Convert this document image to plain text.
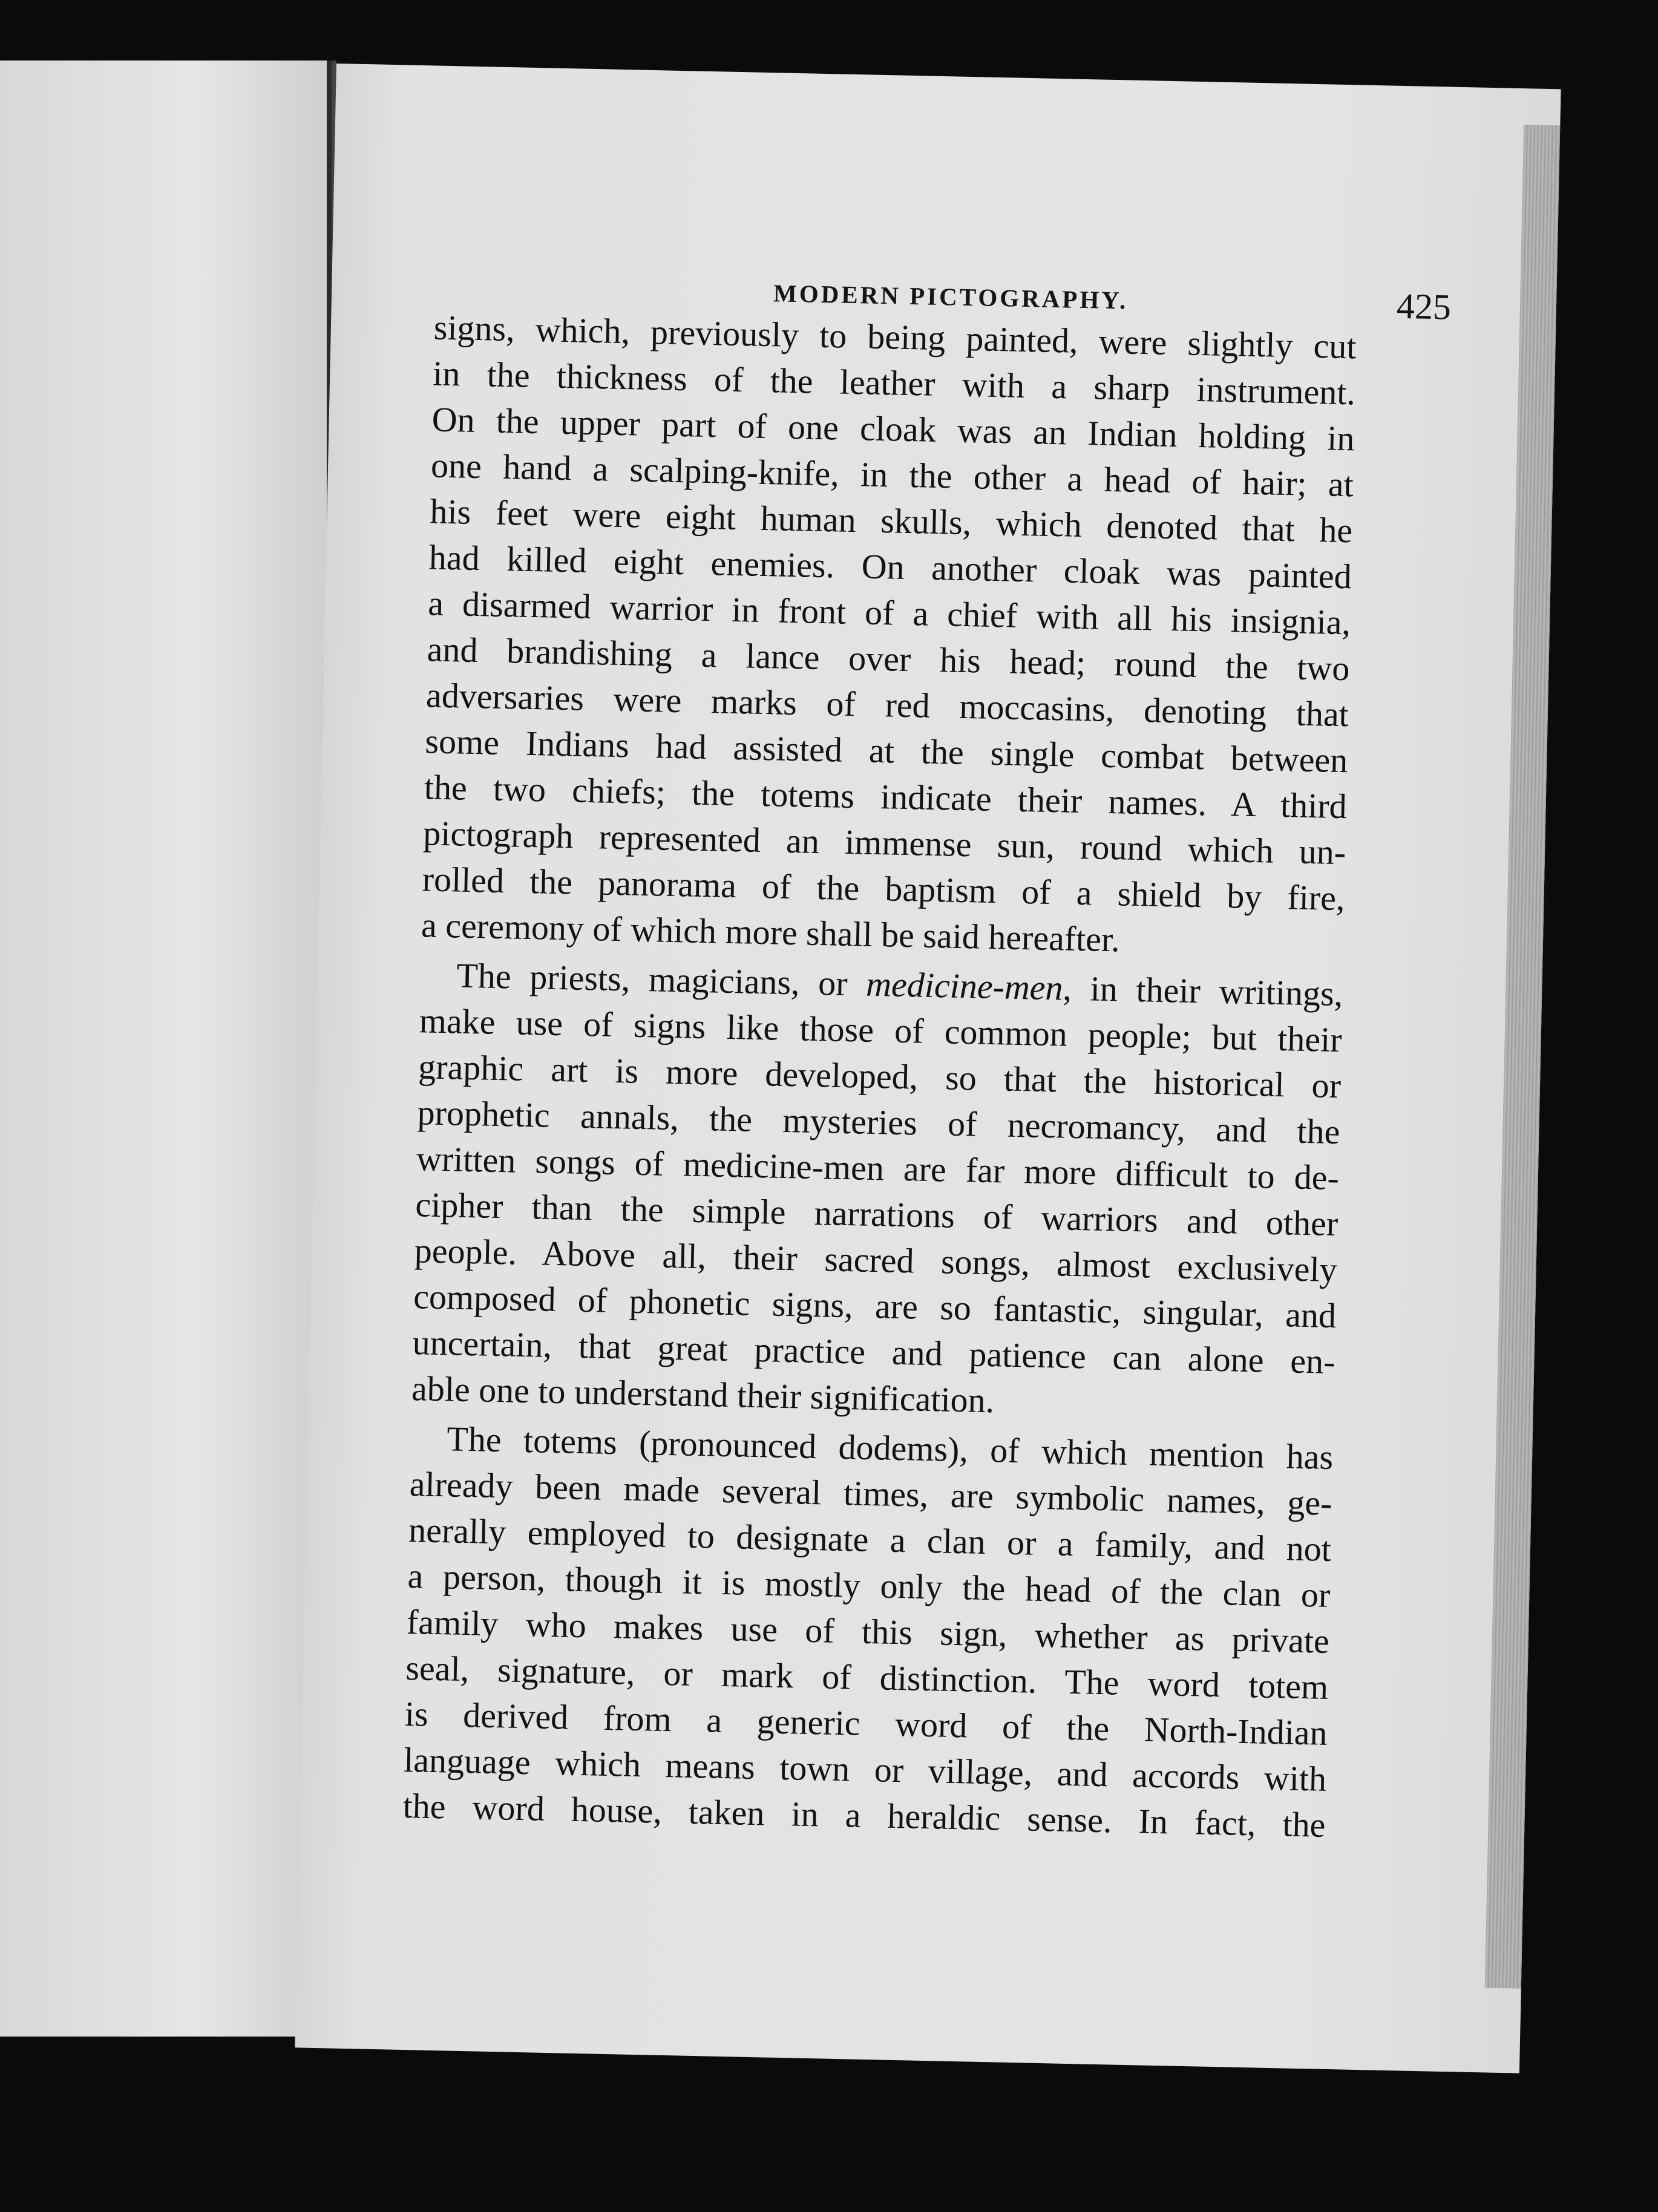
MODERN PICTOGRAPHY.	425
signs, which, previously to being painted, were slightly cut
in the thickness of the leather with a sharp instrument.
On the upper part of one cloak was an Indian holding in
one hand a scalping-knife, in the other a head of hair; at
his feet were eight human skulls, which denoted that he
had killed eight enemies. On another cloak was painted
a disarmed warrior in front of a chief with all his insignia,
and brandishing a lance over his head; round the two
adversaries were marks of red moccasins, denoting that
some Indians had assisted at the single combat between
the two chiefs; the totems indicate their names. A third
pictograph represented an immense sun, round which un-
rolled the panorama of the baptism of a shield by fire,
a ceremony of which more shall be said hereafter.
The priests, magicians, or medicine-men, in their writings,
make use of signs like those of common people; but their
graphic art is more developed, so that the historical or
prophetic annals, the mysteries of necromancy, and the
written songs of medicine-men are far more difficult to de-
cipher than the simple narrations of warriors and other
people. Above all, their sacred songs, almost exclusively
composed of phonetic signs, are so fantastic, singular, and
uncertain, that great practice and patience can alone en-
able one to understand their signification.
The totems (pronounced dodems), of which mention has
already been made several times, are symbolic names, ge-
nerally employed to designate a clan or a family, and not
a person, though it is mostly only the head of the clan or
family who makes use of this sign, whether as private
seal, signature, or mark of distinction. The word totem
is derived from a generic word of the North-Indian
language which means town or village, and accords with
the word house, taken in a heraldic sense. In fact, the
